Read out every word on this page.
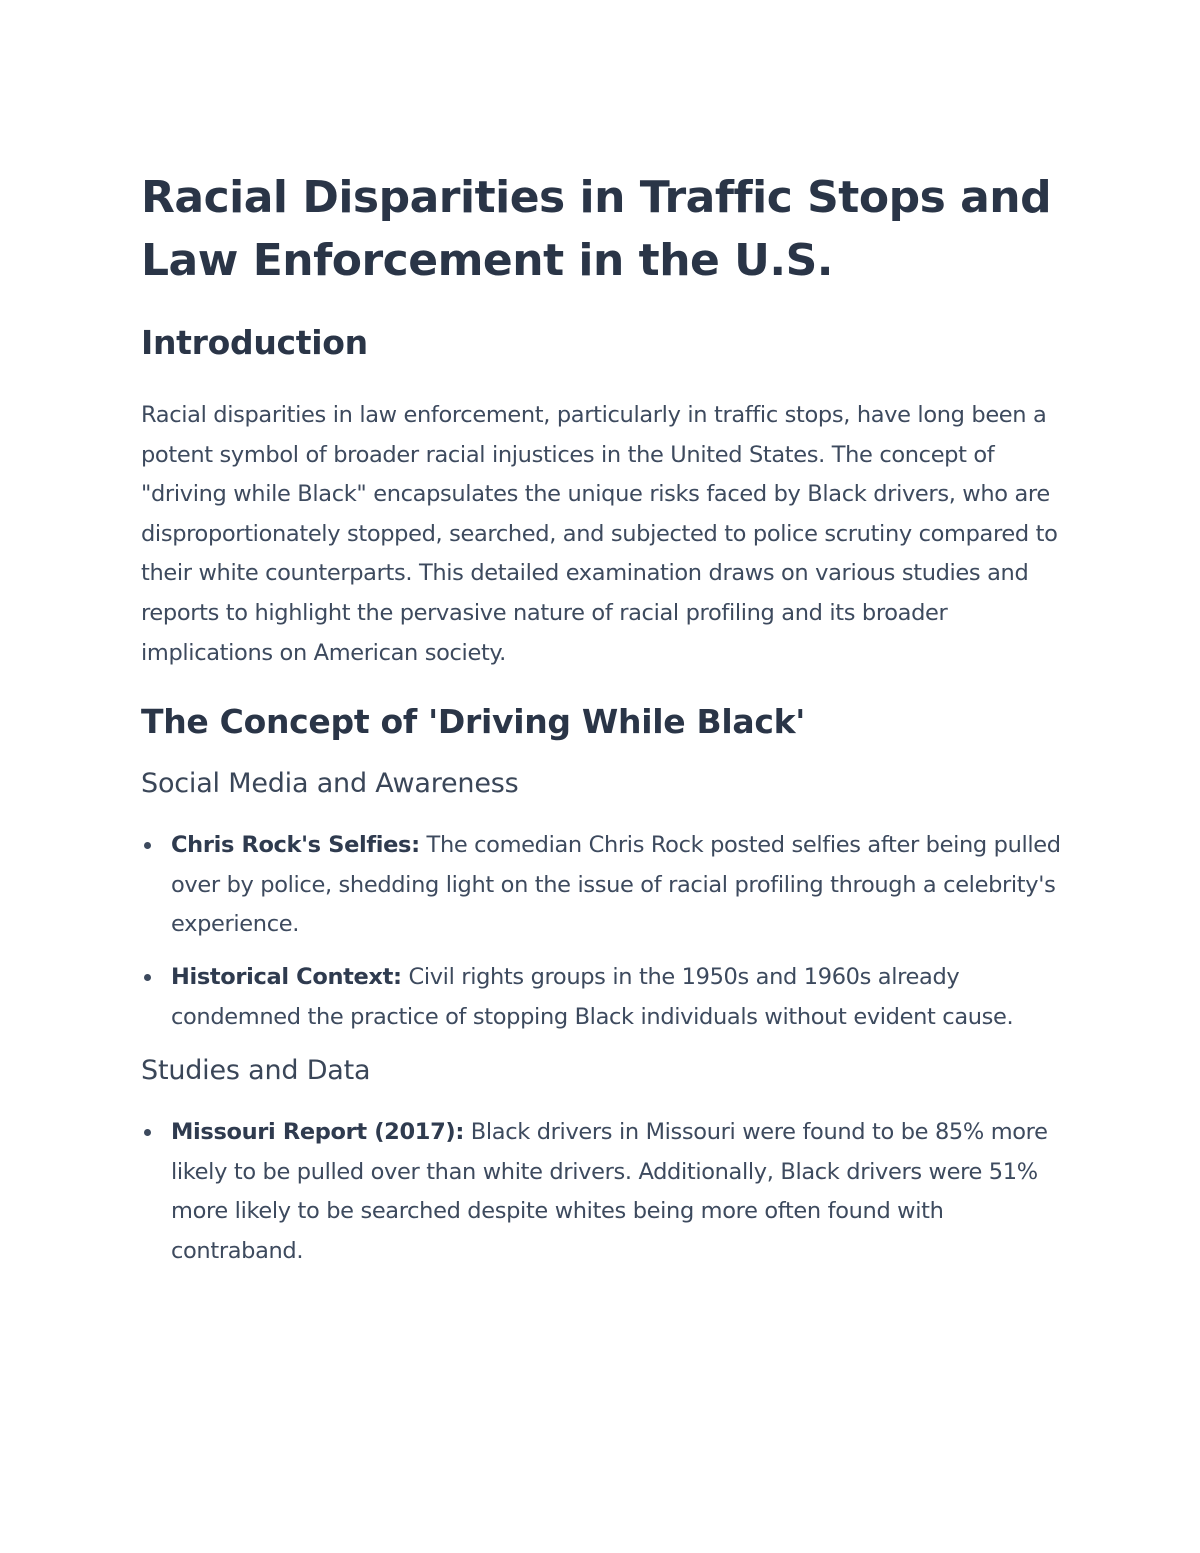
Racial Disparities in Traffic Stops and Law Enforcement in the U.S.
Introduction

Racial disparities in law enforcement, particularly in traffic stops, have long been a potent symbol of broader racial injustices in the United States. The concept of "driving while Black" encapsulates the unique risks faced by Black drivers, who are disproportionately stopped, searched, and subjected to police scrutiny compared to their white counterparts. This detailed examination draws on various studies and reports to highlight the pervasive nature of racial profiling and its broader implications on American society.

The Concept of 'Driving While Black'
Social Media and Awareness
Chris Rock's Selfies: The comedian Chris Rock posted selfies after being pulled over by police, shedding light on the issue of racial profiling through a celebrity's experience.
Historical Context: Civil rights groups in the 1950s and 1960s already condemned the practice of stopping Black individuals without evident cause.
Studies and Data
Missouri Report (2017): Black drivers in Missouri were found to be 85% more likely to be pulled over than white drivers. Additionally, Black drivers were 51% more likely to be searched despite whites being more often found with contraband.
